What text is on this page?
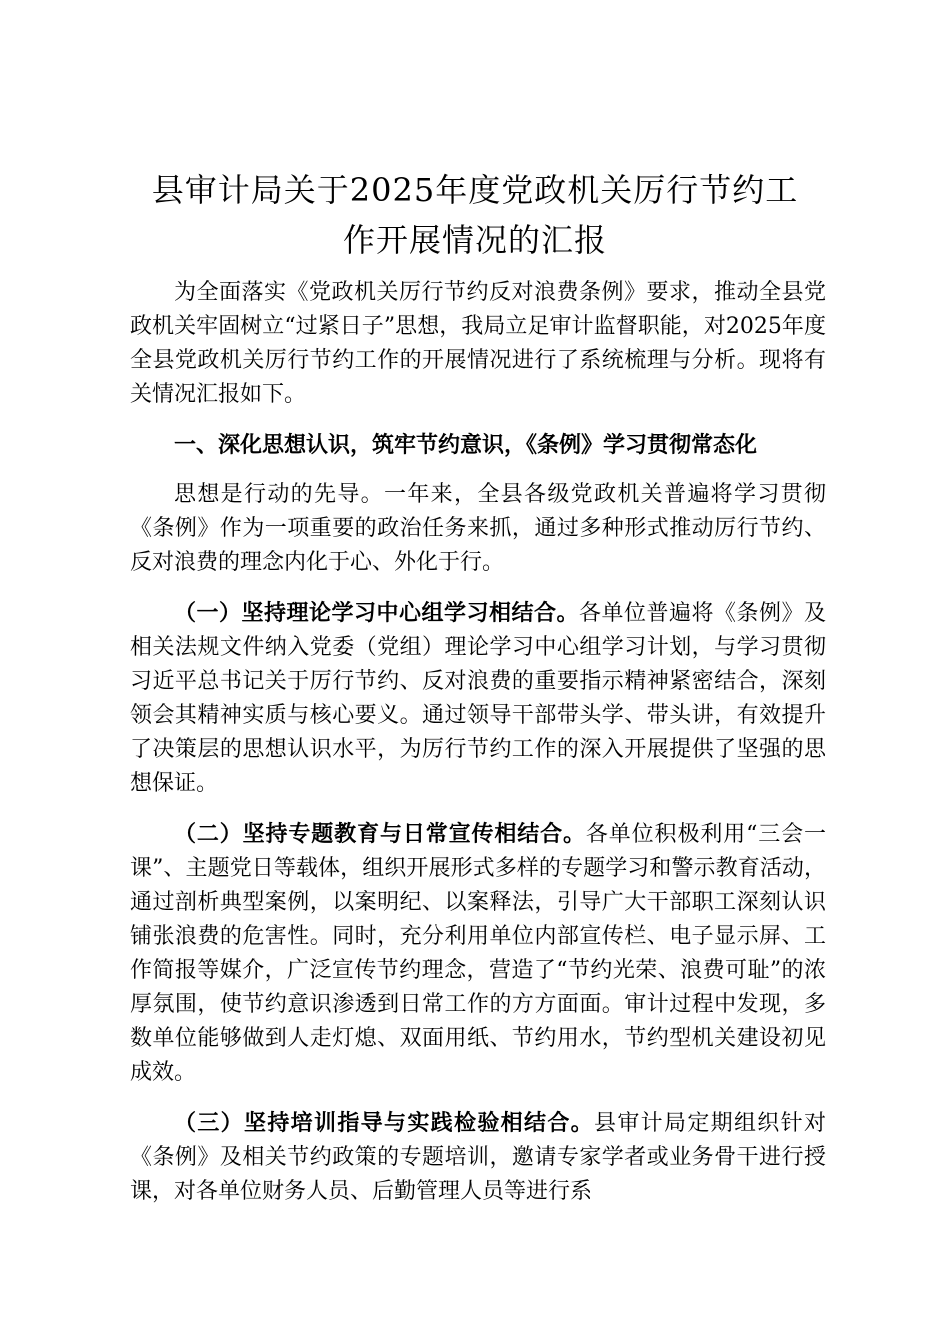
县审计局关于2025年度党政机关厉行节约工
作开展情况的汇报

为全面落实《党政机关厉行节约反对浪费条例》要求，推动全县党政机关牢固树立“过紧日子”思想，我局立足审计监督职能，对2025年度全县党政机关厉行节约工作的开展情况进行了系统梳理与分析。现将有关情况汇报如下。

一、深化思想认识，筑牢节约意识，《条例》学习贯彻常态化

思想是行动的先导。一年来，全县各级党政机关普遍将学习贯彻《条例》作为一项重要的政治任务来抓，通过多种形式推动厉行节约、反对浪费的理念内化于心、外化于行。

（一）坚持理论学习中心组学习相结合。各单位普遍将《条例》及相关法规文件纳入党委（党组）理论学习中心组学习计划，与学习贯彻习近平总书记关于厉行节约、反对浪费的重要指示精神紧密结合，深刻领会其精神实质与核心要义。通过领导干部带头学、带头讲，有效提升了决策层的思想认识水平，为厉行节约工作的深入开展提供了坚强的思想保证。

（二）坚持专题教育与日常宣传相结合。各单位积极利用“三会一课”、主题党日等载体，组织开展形式多样的专题学习和警示教育活动，通过剖析典型案例，以案明纪、以案释法，引导广大干部职工深刻认识铺张浪费的危害性。同时，充分利用单位内部宣传栏、电子显示屏、工作简报等媒介，广泛宣传节约理念，营造了“节约光荣、浪费可耻”的浓厚氛围，使节约意识渗透到日常工作的方方面面。审计过程中发现，多数单位能够做到人走灯熄、双面用纸、节约用水，节约型机关建设初见成效。

（三）坚持培训指导与实践检验相结合。县审计局定期组织针对《条例》及相关节约政策的专题培训，邀请专家学者或业务骨干进行授课，对各单位财务人员、后勤管理人员等进行系
